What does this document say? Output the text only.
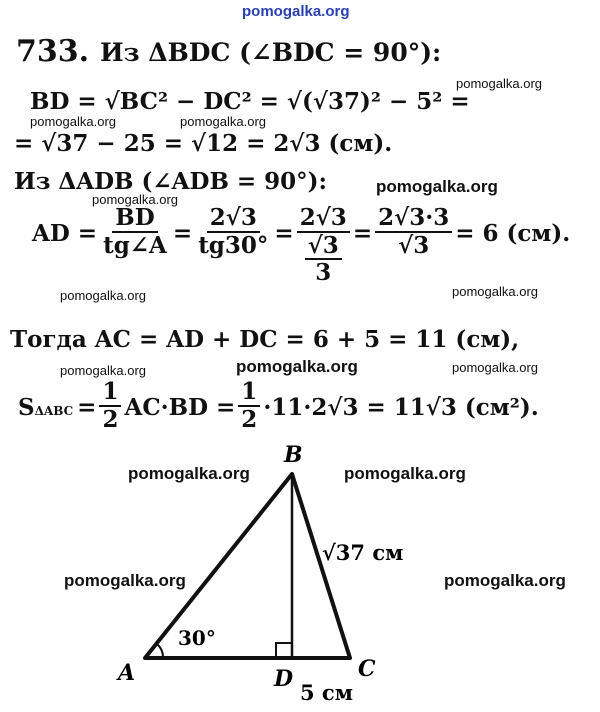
pomogalka.org
733. Из ΔBDC (∠BDC = 90°):
pomogalka.org
BD = √BC² − DC² = √(√37)² − 5² =
pomogalka.org	pomogalka.org
= √37 − 25 = √12 = 2√3 (см).
Из ΔADB (∠ADB = 90°):	pomogalka.org
pomogalka.org
AD = $\frac{BD}{tg\angle A} = \frac{2√3}{tg30^\circ}$ =
2√3
√3
3
= $\frac{2√3\cdot 3}{√3} = 6$ (см).
pomogalka.org	pomogalka.org
Тогда AC = AD + DC = 6 + 5 = 11 (см),
pomogalka.org
pomogalka.org	pomogalka.org
S $\Delta ABC = \frac{1}{2} AC\cdot BD = \frac{1}{2} \cdot 11\cdot 2√3 = 11√3$ (см²).
pomogalka.org	pomogalka.org
pomogalka.org	pomogalka.org
A
B
C
D
30°
√37 см
5 см
